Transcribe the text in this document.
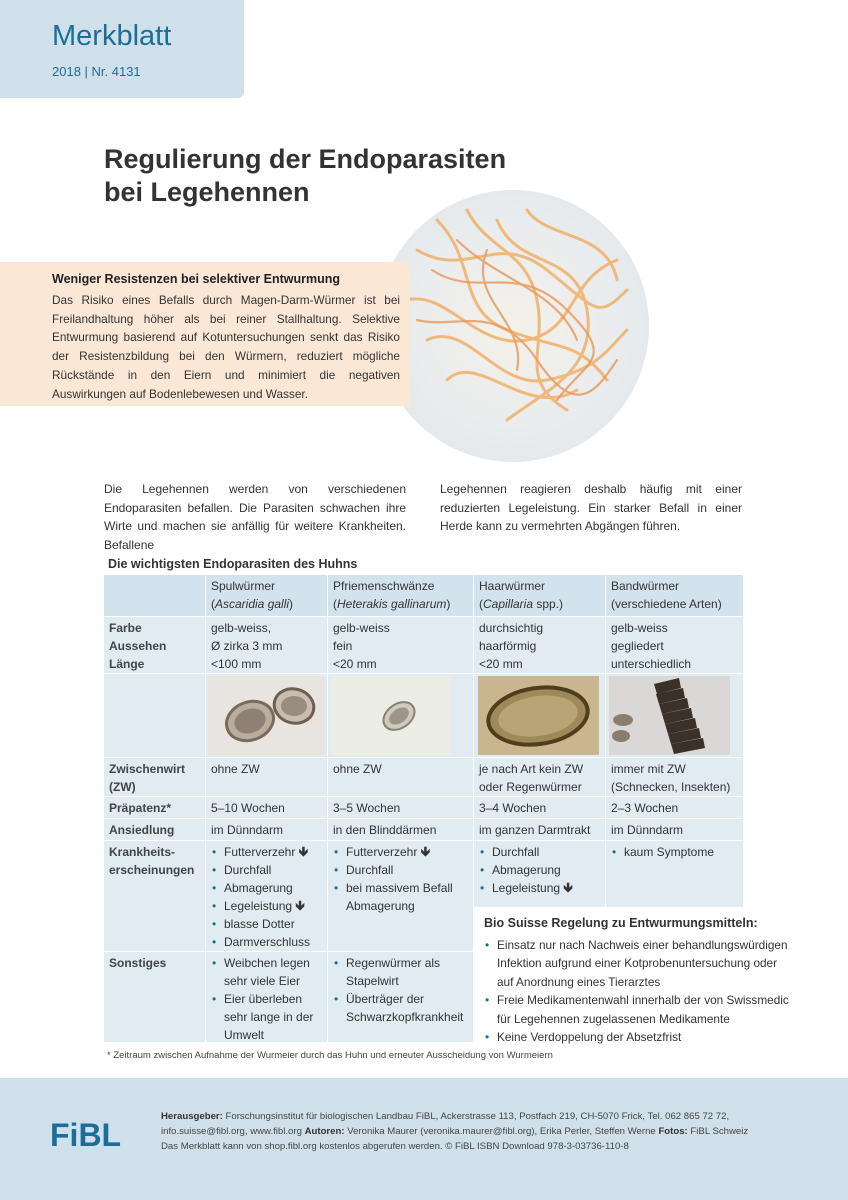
Merkblatt
2018 | Nr. 4131
Regulierung der Endoparasiten
bei Legehennen
Weniger Resistenzen bei selektiver Entwurmung
Das Risiko eines Befalls durch Magen-Darm-Würmer ist bei Freilandhaltung höher als bei reiner Stallhaltung. Selektive Entwurmung basierend auf Kotuntersuchungen senkt das Risiko der Resistenzbildung bei den Würmern, reduziert mögliche Rückstände in den Eiern und minimiert die negativen Auswirkungen auf Bodenlebewesen und Wasser.
Die Legehennen werden von verschiedenen Endoparasiten befallen. Die Parasiten schwachen ihre Wirte und machen sie anfällig für weitere Krankheiten. Befallene
Legehennen reagieren deshalb häufig mit einer reduzierten Legeleistung. Ein starker Befall in einer Herde kann zu vermehrten Abgängen führen.
Die wichtigsten Endoparasiten des Huhns
Spulwürmer
(Ascaridia galli)
Pfriemenschwänze
(Heterakis gallinarum)
Haarwürmer
(Capillaria spp.)
Bandwürmer
(verschiedene Arten)
Farbe
Aussehen
Länge
gelb-weiss,
Ø zirka 3 mm
<100 mm
gelb-weiss
fein
<20 mm
durchsichtig
haarförmig
<20 mm
gelb-weiss
gegliedert
unterschiedlich
Zwischenwirt
(ZW)
ohne ZW	ohne ZW	je nach Art kein ZW
oder Regenwürmer
immer mit ZW
(Schnecken, Insekten)
Präpatenz*	5–10 Wochen	3–5 Wochen	3–4 Wochen	2–3 Wochen
Ansiedlung	im Dünndarm	in den Blinddärmen	im ganzen Darmtrakt	im Dünndarm
Krankheits-
erscheinungen
• Futterverzehr 🡻
• Durchfall
• Abmagerung
• Legeleistung 🡻
• blasse Dotter
• Darmverschluss
• Futterverzehr 🡻
• Durchfall
• bei massivem Befall Abmagerung
• Durchfall
• Abmagerung
• Legeleistung 🡻
• kaum Symptome
Sonstiges
•	Weibchen legen sehr viele Eier
• Eier überleben sehr lange in der Umwelt
• Regenwürmer als Stapelwirt
• Überträger der Schwarzkopfkrankheit
Bio Suisse Regelung zu Entwurmungsmitteln:
• Einsatz nur nach Nachweis einer behandlungswürdigen Infektion aufgrund einer Kotprobenuntersuchung oder auf Anordnung eines Tierarztes
• Freie Medikamentenwahl innerhalb der von Swissmedic für Legehennen zugelassenen Medikamente
• Keine Verdoppelung der Absetzfrist
* Zeitraum zwischen Aufnahme der Wurmeier durch das Huhn und erneuter Ausscheidung von Wurmeiern
FiBL
Herausgeber: Forschungsinstitut für biologischen Landbau FiBL, Ackerstrasse 113, Postfach 219, CH-5070 Frick, Tel. 062 865 72 72,
info.suisse@fibl.org, www.fibl.org Autoren: Veronika Maurer (veronika.maurer@fibl.org), Erika Perler, Steffen Werne Fotos: FiBL Schweiz
Das Merkblatt kann von shop.fibl.org kostenlos abgerufen werden. © FiBL ISBN Download 978-3-03736-110-8
